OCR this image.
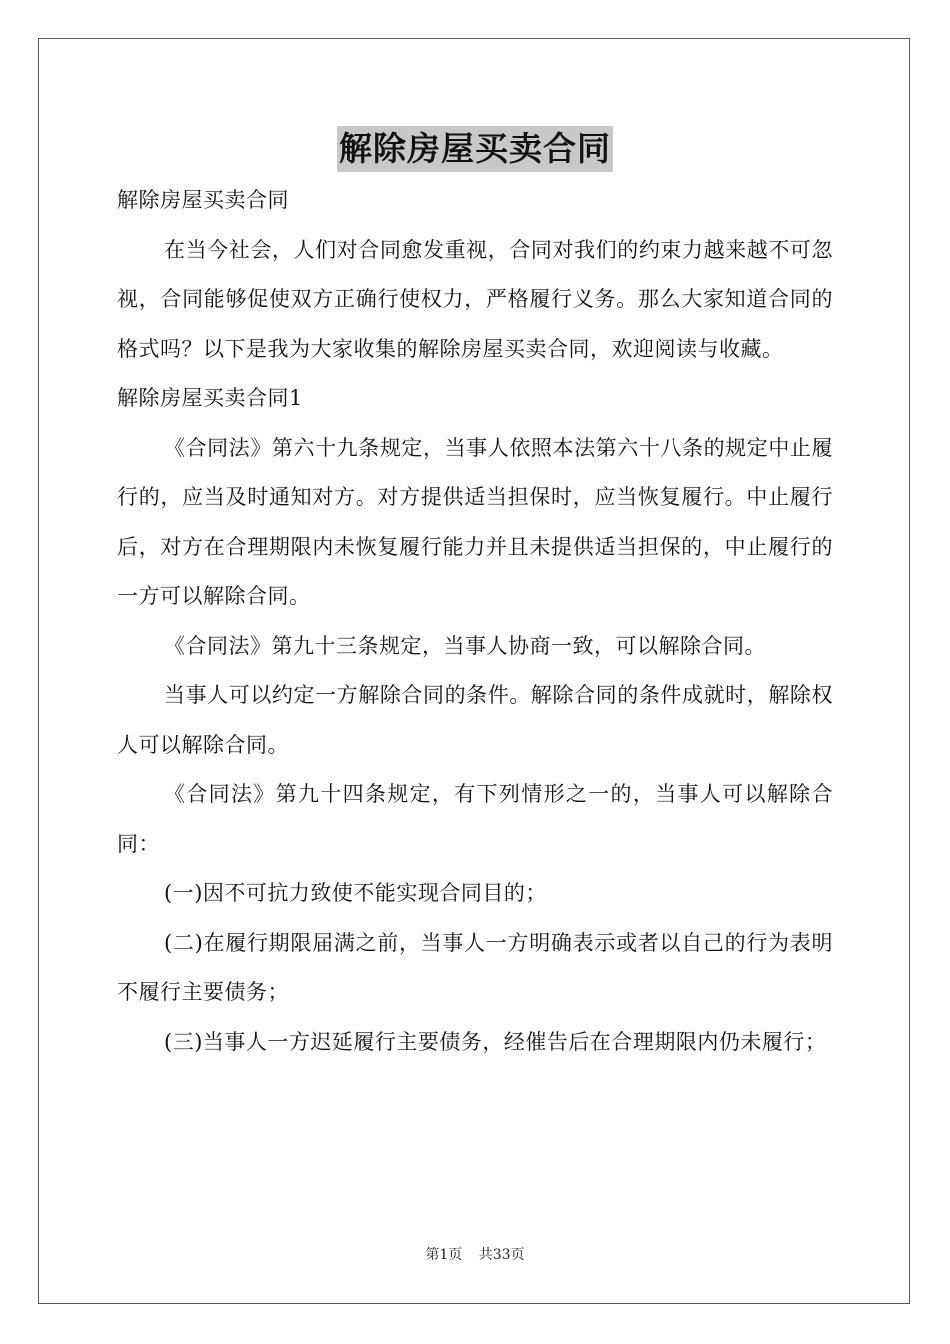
解除房屋买卖合同

解除房屋买卖合同

在当今社会，人们对合同愈发重视，合同对我们的约束力越来越不可忽视，合同能够促使双方正确行使权力，严格履行义务。那么大家知道合同的格式吗？以下是我为大家收集的解除房屋买卖合同，欢迎阅读与收藏。

解除房屋买卖合同1

《合同法》第六十九条规定，当事人依照本法第六十八条的规定中止履行的，应当及时通知对方。对方提供适当担保时，应当恢复履行。中止履行后，对方在合理期限内未恢复履行能力并且未提供适当担保的，中止履行的一方可以解除合同。

《合同法》第九十三条规定，当事人协商一致，可以解除合同。

当事人可以约定一方解除合同的条件。解除合同的条件成就时，解除权人可以解除合同。

《合同法》第九十四条规定，有下列情形之一的，当事人可以解除合同：

(一)因不可抗力致使不能实现合同目的；

(二)在履行期限届满之前，当事人一方明确表示或者以自己的行为表明不履行主要债务；

(三)当事人一方迟延履行主要债务，经催告后在合理期限内仍未履行；

第1页 共33页
